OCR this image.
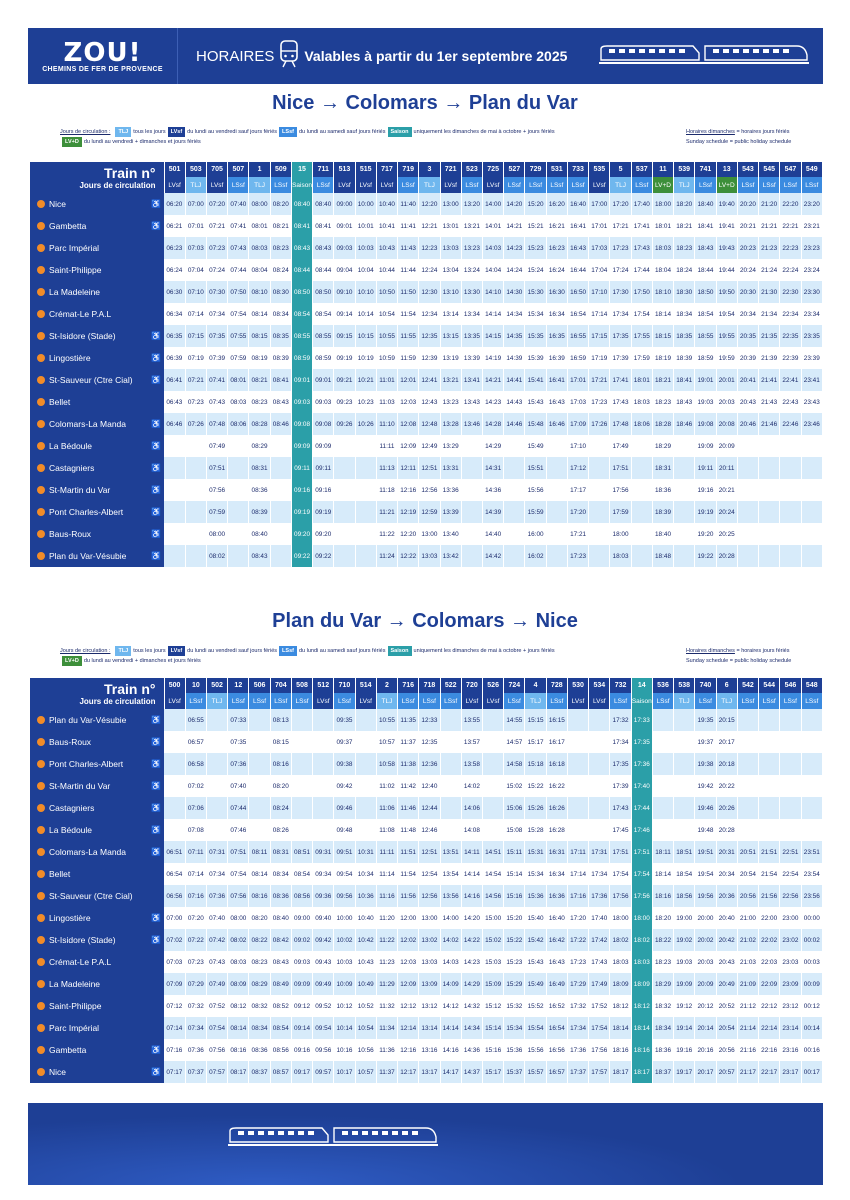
ZOU!
CHEMINS DE FER DE PROVENCE
HORAIRES Valables à partir du 1er septembre 2025
Nice → Colomars → Plan du Var
Jours de circulation : TLJ tous les jours LVsf du lundi au vendredi sauf jours fériés LSsf du lundi au samedi sauf jours fériés Saison uniquement les dimanches de mai à octobre + jours fériés
LV+D du lundi au vendredi + dimanches et jours fériés
Horaires dimanches = horaires jours fériés
Sunday schedule = public holiday schedule
Train n°
Jours de circulation	501	503	705	507	1	509	15	711	513	515	717	719	3	721	523	725	527	729	531	733	535	5	537	11	539	741	13	543	545	547	549
	LVsf	TLJ	LVsf	LSsf	TLJ	LSsf	Saison	LSsf	LVsf	LVsf	LVsf	LSsf	TLJ	LVsf	LSsf	LVsf	LSsf	LSsf	LSsf	LSsf	LVsf	TLJ	LSsf	LV+D	TLJ	LSsf	LV+D	LSsf	LSsf	LSsf	LSsf
Nice ♿	06:20	07:00	07:20	07:40	08:00	08:20	08:40	08:40	09:00	10:00	10:40	11:40	12:20	13:00	13:20	14:00	14:20	15:20	16:20	16:40	17:00	17:20	17:40	18:00	18:20	18:40	19:40	20:20	21:20	22:20	23:20
Gambetta ♿	06:21	07:01	07:21	07:41	08:01	08:21	08:41	08:41	09:01	10:01	10:41	11:41	12:21	13:01	13:21	14:01	14:21	15:21	16:21	16:41	17:01	17:21	17:41	18:01	18:21	18:41	19:41	20:21	21:21	22:21	23:21
Parc Impérial	06:23	07:03	07:23	07:43	08:03	08:23	08:43	08:43	09:03	10:03	10:43	11:43	12:23	13:03	13:23	14:03	14:23	15:23	16:23	16:43	17:03	17:23	17:43	18:03	18:23	18:43	19:43	20:23	21:23	22:23	23:23
Saint-Philippe	06:24	07:04	07:24	07:44	08:04	08:24	08:44	08:44	09:04	10:04	10:44	11:44	12:24	13:04	13:24	14:04	14:24	15:24	16:24	16:44	17:04	17:24	17:44	18:04	18:24	18:44	19:44	20:24	21:24	22:24	23:24
La Madeleine	06:30	07:10	07:30	07:50	08:10	08:30	08:50	08:50	09:10	10:10	10:50	11:50	12:30	13:10	13:30	14:10	14:30	15:30	16:30	16:50	17:10	17:30	17:50	18:10	18:30	18:50	19:50	20:30	21:30	22:30	23:30
Crémat-Le P.A.L	06:34	07:14	07:34	07:54	08:14	08:34	08:54	08:54	09:14	10:14	10:54	11:54	12:34	13:14	13:34	14:14	14:34	15:34	16:34	16:54	17:14	17:34	17:54	18:14	18:34	18:54	19:54	20:34	21:34	22:34	23:34
St-Isidore (Stade) ♿	06:35	07:15	07:35	07:55	08:15	08:35	08:55	08:55	09:15	10:15	10:55	11:55	12:35	13:15	13:35	14:15	14:35	15:35	16:35	16:55	17:15	17:35	17:55	18:15	18:35	18:55	19:55	20:35	21:35	22:35	23:35
Lingostière ♿	06:39	07:19	07:39	07:59	08:19	08:39	08:59	08:59	09:19	10:19	10:59	11:59	12:39	13:19	13:39	14:19	14:39	15:39	16:39	16:59	17:19	17:39	17:59	18:19	18:39	18:59	19:59	20:39	21:39	22:39	23:39
St-Sauveur (Ctre Cial) ♿	06:41	07:21	07:41	08:01	08:21	08:41	09:01	09:01	09:21	10:21	11:01	12:01	12:41	13:21	13:41	14:21	14:41	15:41	16:41	17:01	17:21	17:41	18:01	18:21	18:41	19:01	20:01	20:41	21:41	22:41	23:41
Bellet	06:43	07:23	07:43	08:03	08:23	08:43	09:03	09:03	09:23	10:23	11:03	12:03	12:43	13:23	13:43	14:23	14:43	15:43	16:43	17:03	17:23	17:43	18:03	18:23	18:43	19:03	20:03	20:43	21:43	22:43	23:43
Colomars-La Manda ♿	06:46	07:26	07:48	08:06	08:28	08:46	09:08	09:08	09:26	10:26	11:10	12:08	12:48	13:28	13:46	14:28	14:46	15:48	16:46	17:09	17:26	17:48	18:06	18:28	18:46	19:08	20:08	20:46	21:46	22:46	23:46
La Bédoule ♿			07:49		08:29		09:09	09:09			11:11	12:09	12:49	13:29		14:29		15:49		17:10		17:49		18:29		19:09	20:09				
Castagniers ♿			07:51		08:31		09:11	09:11			11:13	12:11	12:51	13:31		14:31		15:51		17:12		17:51		18:31		19:11	20:11				
St-Martin du Var ♿			07:56		08:36		09:16	09:16			11:18	12:16	12:56	13:36		14:36		15:56		17:17		17:56		18:36		19:16	20:21				
Pont Charles-Albert ♿			07:59		08:39		09:19	09:19			11:21	12:19	12:59	13:39		14:39		15:59		17:20		17:59		18:39		19:19	20:24				
Baus-Roux ♿			08:00		08:40		09:20	09:20			11:22	12:20	13:00	13:40		14:40		16:00		17:21		18:00		18:40		19:20	20:25				
Plan du Var-Vésubie ♿			08:02		08:43		09:22	09:22			11:24	12:22	13:03	13:42		14:42		16:02		17:23		18:03		18:48		19:22	20:28				
Plan du Var → Colomars → Nice
Jours de circulation : TLJ tous les jours LVsf du lundi au vendredi sauf jours fériés LSsf du lundi au samedi sauf jours fériés Saison uniquement les dimanches de mai à octobre + jours fériés
LV+D du lundi au vendredi + dimanches et jours fériés
Horaires dimanches = horaires jours fériés
Sunday schedule = public holiday schedule
Train n°
Jours de circulation	500	10	502	12	506	704	508	512	710	514	2	716	718	522	720	526	724	4	728	530	534	732	14	536	538	740	6	542	544	546	548
	LVsf	LSsf	TLJ	LSsf	LSsf	LSsf	LSsf	LVsf	LSsf	LVsf	TLJ	LSsf	LSsf	LSsf	LVsf	LVsf	LSsf	TLJ	LSsf	LVsf	LVsf	LSsf	Saison	LSsf	TLJ	LSsf	TLJ	LSsf	LSsf	LSsf	LSsf
Plan du Var-Vésubie ♿		06:55		07:33		08:13			09:35		10:55	11:35	12:33		13:55		14:55	15:15	16:15			17:32	17:33			19:35	20:15				
Baus-Roux ♿		06:57		07:35		08:15			09:37		10:57	11:37	12:35		13:57		14:57	15:17	16:17			17:34	17:35			19:37	20:17				
Pont Charles-Albert ♿		06:58		07:36		08:16			09:38		10:58	11:38	12:36		13:58		14:58	15:18	16:18			17:35	17:36			19:38	20:18				
St-Martin du Var ♿		07:02		07:40		08:20			09:42		11:02	11:42	12:40		14:02		15:02	15:22	16:22			17:39	17:40			19:42	20:22				
Castagniers ♿		07:06		07:44		08:24			09:46		11:06	11:46	12:44		14:06		15:06	15:26	16:26			17:43	17:44			19:46	20:26				
La Bédoule ♿		07:08		07:46		08:26			09:48		11:08	11:48	12:46		14:08		15:08	15:28	16:28			17:45	17:46			19:48	20:28				
Colomars-La Manda ♿	06:51	07:11	07:31	07:51	08:11	08:31	08:51	09:31	09:51	10:31	11:11	11:51	12:51	13:51	14:11	14:51	15:11	15:31	16:31	17:11	17:31	17:51	17:51	18:11	18:51	19:51	20:31	20:51	21:51	22:51	23:51
Bellet	06:54	07:14	07:34	07:54	08:14	08:34	08:54	09:34	09:54	10:34	11:14	11:54	12:54	13:54	14:14	14:54	15:14	15:34	16:34	17:14	17:34	17:54	17:54	18:14	18:54	19:54	20:34	20:54	21:54	22:54	23:54
St-Sauveur (Ctre Cial)	06:56	07:16	07:36	07:56	08:16	08:36	08:56	09:36	09:56	10:36	11:16	11:56	12:56	13:56	14:16	14:56	15:16	15:36	16:36	17:16	17:36	17:56	17:56	18:16	18:56	19:56	20:36	20:56	21:56	22:56	23:56
Lingostière ♿	07:00	07:20	07:40	08:00	08:20	08:40	09:00	09:40	10:00	10:40	11:20	12:00	13:00	14:00	14:20	15:00	15:20	15:40	16:40	17:20	17:40	18:00	18:00	18:20	19:00	20:00	20:40	21:00	22:00	23:00	00:00
St-Isidore (Stade) ♿	07:02	07:22	07:42	08:02	08:22	08:42	09:02	09:42	10:02	10:42	11:22	12:02	13:02	14:02	14:22	15:02	15:22	15:42	16:42	17:22	17:42	18:02	18:02	18:22	19:02	20:02	20:42	21:02	22:02	23:02	00:02
Crémat-Le P.A.L	07:03	07:23	07:43	08:03	08:23	08:43	09:03	09:43	10:03	10:43	11:23	12:03	13:03	14:03	14:23	15:03	15:23	15:43	16:43	17:23	17:43	18:03	18:03	18:23	19:03	20:03	20:43	21:03	22:03	23:03	00:03
La Madeleine	07:09	07:29	07:49	08:09	08:29	08:49	09:09	09:49	10:09	10:49	11:29	12:09	13:09	14:09	14:29	15:09	15:29	15:49	16:49	17:29	17:49	18:09	18:09	18:29	19:09	20:09	20:49	21:09	22:09	23:09	00:09
Saint-Philippe	07:12	07:32	07:52	08:12	08:32	08:52	09:12	09:52	10:12	10:52	11:32	12:12	13:12	14:12	14:32	15:12	15:32	15:52	16:52	17:32	17:52	18:12	18:12	18:32	19:12	20:12	20:52	21:12	22:12	23:12	00:12
Parc Impérial	07:14	07:34	07:54	08:14	08:34	08:54	09:14	09:54	10:14	10:54	11:34	12:14	13:14	14:14	14:34	15:14	15:34	15:54	16:54	17:34	17:54	18:14	18:14	18:34	19:14	20:14	20:54	21:14	22:14	23:14	00:14
Gambetta ♿	07:16	07:36	07:56	08:16	08:36	08:56	09:16	09:56	10:16	10:56	11:36	12:16	13:16	14:16	14:36	15:16	15:36	15:56	16:56	17:36	17:56	18:16	18:16	18:36	19:16	20:16	20:56	21:16	22:16	23:16	00:16
Nice ♿	07:17	07:37	07:57	08:17	08:37	08:57	09:17	09:57	10:17	10:57	11:37	12:17	13:17	14:17	14:37	15:17	15:37	15:57	16:57	17:37	17:57	18:17	18:17	18:37	19:17	20:17	20:57	21:17	22:17	23:17	00:17
